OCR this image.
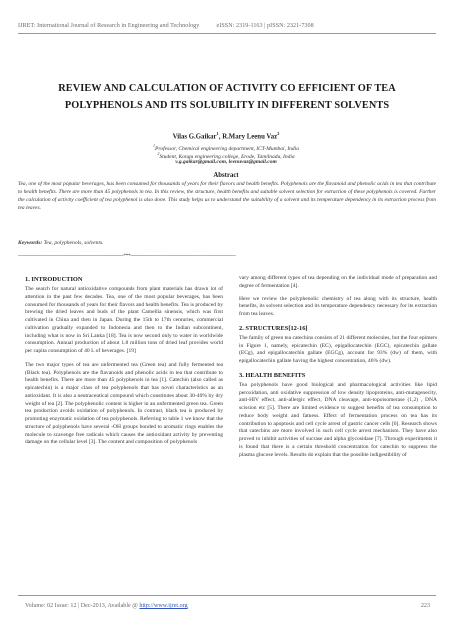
IJRET: International Journal of Research in Engineering and Technology	eISSN: 2319-1163 | pISSN: 2321-7308
REVIEW AND CALCULATION OF ACTIVITY CO EFFICIENT OF TEA
POLYPHENOLS AND ITS SOLUBILITY IN DIFFERENT SOLVENTS
Vilas G.Gaikar$^1$, R.Mary Leenu Vaz$^2$
$^1$Professor, Chemical engineering department, ICT-Mumbai, India
$^2$Student, Kongu engineering college, Erode, Tamilnadu, India
v.g.gaikar@gmail.com, leenuvaz@gmail.com
Abstract
Tea, one of the most popular beverages, has been consumed for thousands of years for their flavors and health benefits. Polyphenols are the flavanoid and phenolic acids in tea that contribute to health benefits. There are more than 45 polyphenols in tea. In this review, the structure, health benefits and suitable solvent selection for extraction of these polyphenols is covered. Further the calculation of activity coefficient of tea polyphenol is also done. This study helps us to understand the suitability of a solvent and its temperature dependency in its extraction process from tea leaves.
Keywords: Tea, polyphenols, solvents.
-----------------------------------------------------------------------***-----------------------------------------------------------------------
1. INTRODUCTION
The search for natural antioxidative compounds from plant materials has drawn lot of attention in the past few decades. Tea, one of the most popular beverages, has been consumed for thousands of years for their flavors and health benefits. Tea is produced by brewing the dried leaves and buds of the plant Camellia sinensis, which was first cultivated in China and then in Japan. During the 15th to 17th centuries, commercial cultivation gradually expanded to Indonesia and then to the Indian subcontinent, including what is now in Sri Lanka [18]. Tea is now second only to water in worldwide consumption. Annual production of about 1.8 million tons of dried leaf provides world per capita consumption of 40 L of beverages. [19]
The two major types of tea are unfermented tea (Green tea) and fully fermented tea (Black tea). Polyphenols are the flavanoids and phenolic acids in tea that contribute to health benefits. There are more than 45 polyphenols in tea [1]. Catechin (also called as epicatechin) is a major class of tea polyphenols that has novel characteristics as an antioxidant. It is also a neutraceutical compound which constitutes about 30-40% by dry weight of tea [2]. The polyphenolic content is higher in an unfermented green tea. Green tea production avoids oxidation of polyphenols. In contrast, black tea is produced by promoting enzymatic oxidation of tea polyphenols. Referring to table 1 we know that the structure of polyphenols have several -OH groups bonded to aromatic rings enables the molecule to scavenge free radicals which causes the antioxidant activity by preventing damage on the cellular level [3]. The content and composition of polyphenols
vary among different types of tea depending on the individual mode of preparation and degree of fermentation [4].
Here we review the polyphenolic chemistry of tea along with its structure, health benefits, its solvent selection and its temperature dependency necessary for its extraction from tea leaves.
2. STRUCTURES[12-16]
The family of green tea catechins consists of 21 different molecules, but the four epimers in Figure 1, namely, epicatechin (EC), epigallocatechin (EGC), epicatechin gallate (ECg), and epigallocatechin gallate (EGCg), account for 93% (dw) of them, with epigallocatechin gallate having the highest concentration, 46% (dw).
3. HEALTH BENEFITS
Tea polyphenols have good biological and pharmacological activities like lipid peroxidation, anti oxidative suppression of low density lipoproteins, anti-mutagenecity, anti-HIV effect, anti-allergic effect, DNA cleavage, anti-topoisomerase (1,2) , DNA scission etc [5]. There are limited evidence to suggest benefits of tea consumption to reduce body weight and fatness. Effect of fermentation process on tea has its contribution to apoptosis and cell cycle arrest of gastric cancer cells [6]. Research shows that catechins are more involved in such cell cycle arrest mechanism. They have also proved to inhibit activities of sucrase and alpha glycosidase [7]. Through experiments it is found that there is a certain threshold concentration for catechin to suppress the plasma glucose levels. Results do explain that the possible indigestibility of
Volume: 02 Issue: 12 | Dec-2013, Available @ http://www.ijret.org	223
